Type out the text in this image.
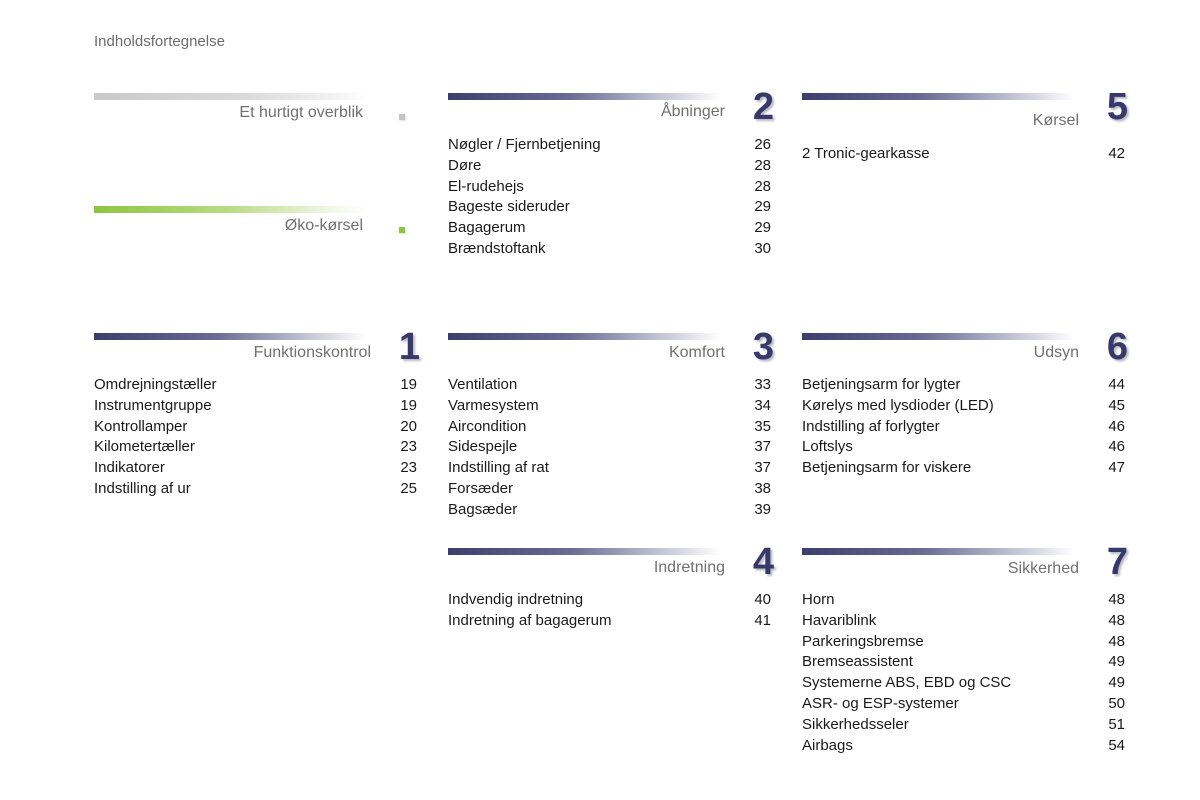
Indholdsfortegnelse
Et hurtigt overblik
Øko-kørsel
Åbninger 2
Nøgler / Fjernbetjening	26
Døre	28
El-rudehejs	28
Bageste sideruder	29
Bagagerum	29
Brændstoftank	30
Kørsel 5
2 Tronic-gearkasse	42
Funktionskontrol 1
Omdrejningstæller	19
Instrumentgruppe	19
Kontrollamper	20
Kilometertæller	23
Indikatorer	23
Indstilling af ur	25
Komfort 3
Ventilation	33
Varmesystem	34
Aircondition	35
Sidespejle	37
Indstilling af rat	37
Forsæder	38
Bagsæder	39
Udsyn 6
Betjeningsarm for lygter	44
Kørelys med lysdioder (LED)	45
Indstilling af forlygter	46
Loftslys	46
Betjeningsarm for viskere	47
Indretning 4
Indvendig indretning	40
Indretning af bagagerum	41
Sikkerhed 7
Horn	48
Havariblink	48
Parkeringsbremse	48
Bremseassistent	49
Systemerne ABS, EBD og CSC	49
ASR- og ESP-systemer	50
Sikkerhedsseler	51
Airbags	54
